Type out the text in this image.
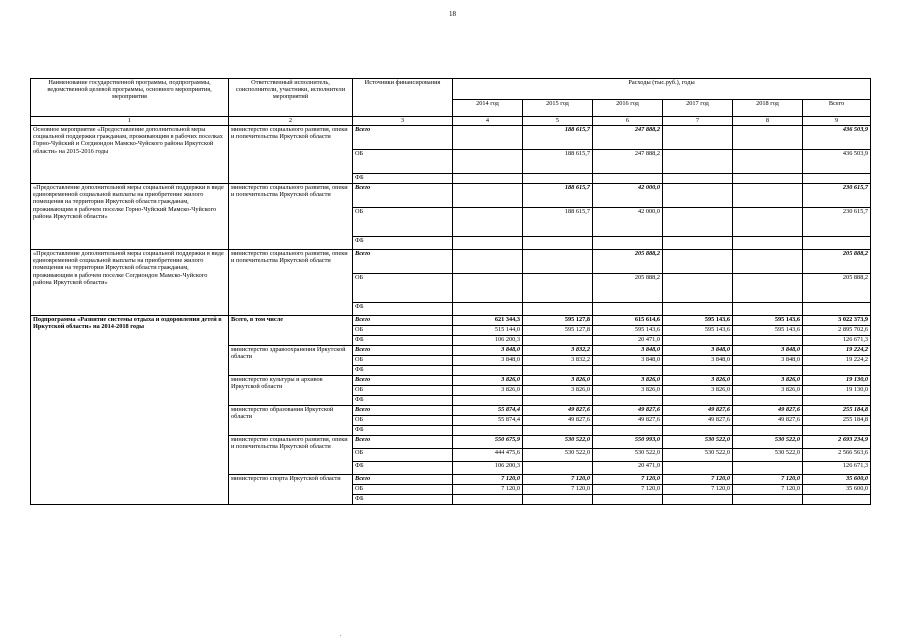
18
Наименование государственной программы, подпрограммы, ведомственной целевой программы, основного мероприятия, мероприятия	Ответственный исполнитель, соисполнители, участники, исполнители мероприятий	Источники финансирования	Расходы (тыс.руб.), годы					
			2014 год	2015 год	2016 год	2017 год	2018 год	Всего
1	2	3	4	5	6	7	8	9
Основное мероприятие «Предоставление дополнительной меры социальной поддержки гражданам, проживающим в рабочих поселках Горно-Чуйский и Согдиондон Мамско-Чуйского района Иркутской области» на 2015-2016 годы	министерство социального развития, опеки и попечительства Иркутской области	Всего		188 615,7	247 888,2			436 503,9
		ОБ		188 615,7	247 888,2			436 503,9
		ФБ						
«Предоставление дополнительной меры социальной поддержки в виде единовременной социальной выплаты на приобретение жилого помещения на территории Иркутской области гражданам, проживающим в рабочем поселке Горно-Чуйский Мамско-Чуйского района Иркутской области»	министерство социального развития, опеки и попечительства Иркутской области	Всего		188 615,7	42 000,0			230 615,7
		ОБ		188 615,7	42 000,0			230 615,7
		ФБ						
«Предоставление дополнительной меры социальной поддержки в виде единовременной социальной выплаты на приобретение жилого помещения на территории Иркутской области гражданам, проживающим в рабочем поселке Согдиондон Мамско-Чуйского района Иркутской области»	министерство социального развития, опеки и попечительства Иркутской области	Всего			205 888,2			205 888,2
		ОБ			205 888,2			205 888,2
		ФБ						
Подпрограмма «Развитие системы отдыха и оздоровления детей в Иркутской области» на 2014-2018 годы	Всего, в том числе	Всего	621 344,3	595 127,8	615 614,6	595 143,6	595 143,6	3 022 373,9
		ОБ	515 144,0	595 127,8	595 143,6	595 143,6	595 143,6	2 895 702,6
		ФБ	106 200,3		20 471,0			126 671,3
	министерство здравоохранения Иркутской области	Всего	3 848,0	3 832,2	3 848,0	3 848,0	3 848,0	19 224,2
		ОБ	3 848,0	3 832,2	3 848,0	3 848,0	3 848,0	19 224,2
		ФБ						
	министерство культуры и архивов Иркутской области	Всего	3 826,0	3 826,0	3 826,0	3 826,0	3 826,0	19 130,0
		ОБ	3 826,0	3 826,0	3 826,0	3 826,0	3 826,0	19 130,0
		ФБ						
	министерство образования Иркутской области	Всего	55 874,4	49 827,6	49 827,6	49 827,6	49 827,6	255 184,8
		ОБ	55 874,4	49 827,6	49 827,6	49 827,6	49 827,6	255 184,8
		ФБ						
	министерство социального развития, опеки и попечительства Иркутской области	Всего	550 675,9	530 522,0	550 993,0	530 522,0	530 522,0	2 693 234,9
		ОБ	444 475,6	530 522,0	530 522,0	530 522,0	530 522,0	2 566 563,6
		ФБ	106 200,3		20 471,0			126 671,3
	министерство спорта Иркутской области	Всего	7 120,0	7 120,0	7 120,0	7 120,0	7 120,0	35 600,0
		ОБ	7 120,0	7 120,0	7 120,0	7 120,0	7 120,0	35 600,0
		ФБ						
.
